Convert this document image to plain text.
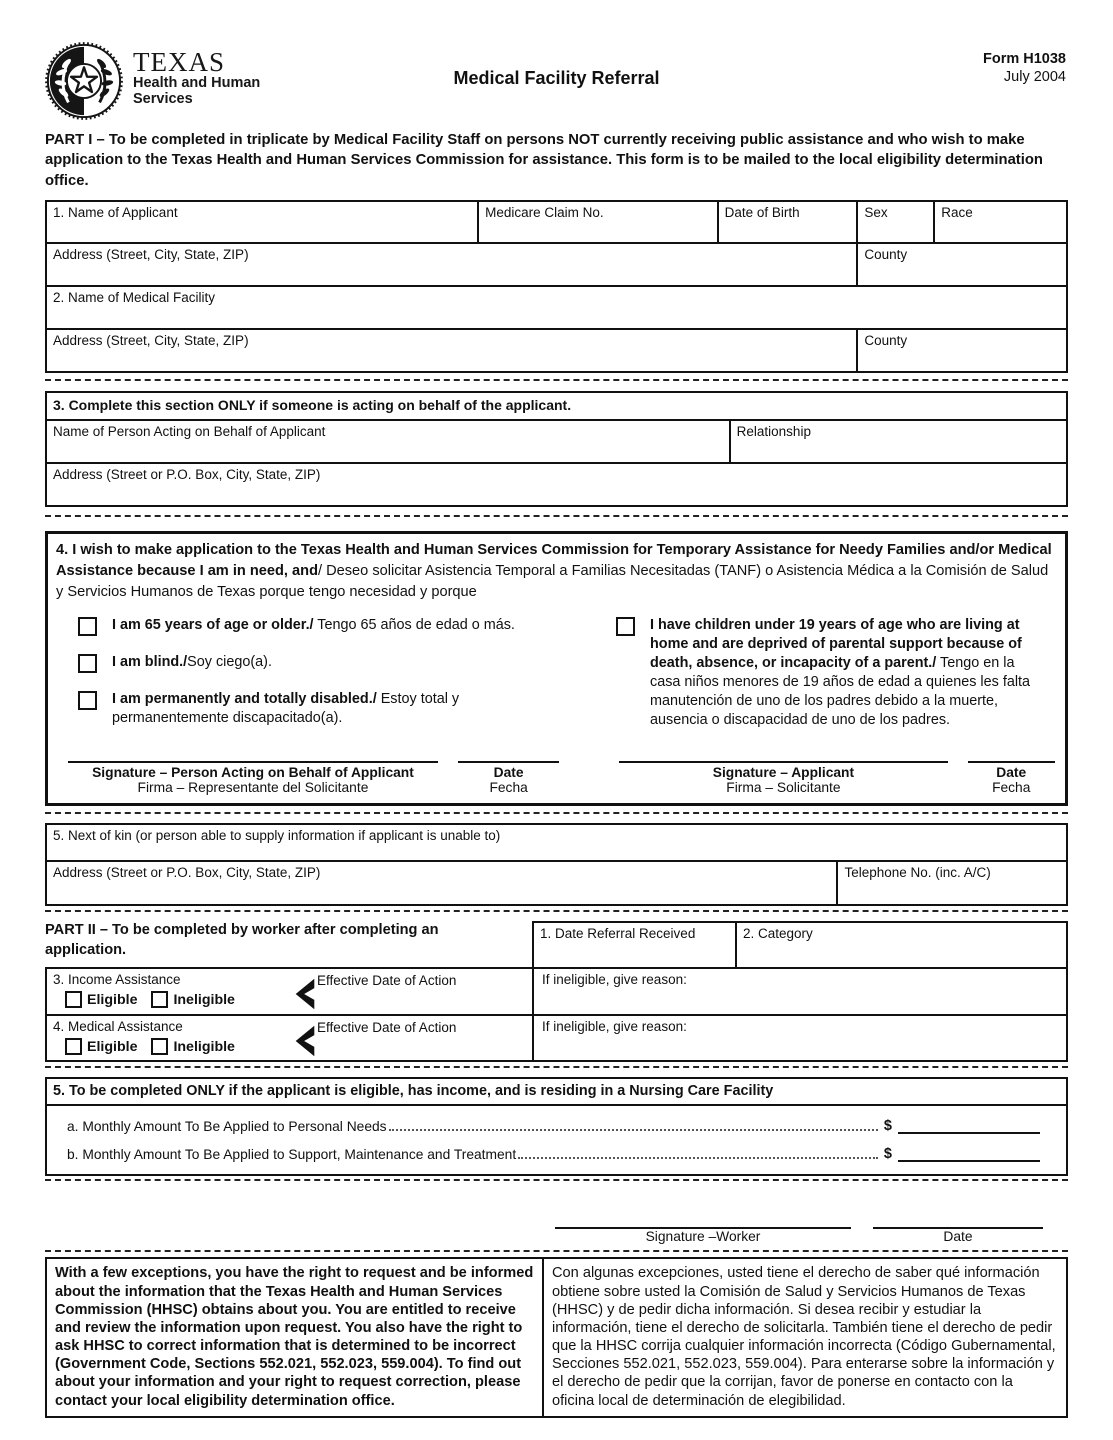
TEXAS
Health and Human
Services
Medical Facility Referral
Form H1038
July 2004
PART I – To be completed in triplicate by Medical Facility Staff on persons NOT currently receiving public assistance and who wish to make application to the Texas Health and Human Services Commission for assistance. This form is to be mailed to the local eligibility determination office.
1. Name of Applicant	Medicare Claim No.	Date of Birth	Sex	Race
Address (Street, City, State, ZIP)	County
2. Name of Medical Facility
Address (Street, City, State, ZIP)	County
3. Complete this section ONLY if someone is acting on behalf of the applicant.
Name of Person Acting on Behalf of Applicant	Relationship
Address (Street or P.O. Box, City, State, ZIP)
4. I wish to make application to the Texas Health and Human Services Commission for Temporary Assistance for Needy Families and/or Medical Assistance because I am in need, and/ Deseo solicitar Asistencia Temporal a Familias Necesitadas (TANF) o Asistencia Médica a la Comisión de Salud y Servicios Humanos de Texas porque tengo necesidad y porque
I am 65 years of age or older./ Tengo 65 años de edad o más.
I am blind./Soy ciego(a).
I am permanently and totally disabled./ Estoy total y permanentemente discapacitado(a).
I have children under 19 years of age who are living at home and are deprived of parental support because of death, absence, or incapacity of a parent./ Tengo en la casa niños menores de 19 años de edad a quienes les falta manutención de uno de los padres debido a la muerte, ausencia o discapacidad de uno de los padres.
Signature – Person Acting on Behalf of Applicant
Firma – Representante del Solicitante
Date
Fecha
Signature – Applicant
Firma – Solicitante
Date
Fecha
5. Next of kin (or person able to supply information if applicant is unable to)
Address (Street or P.O. Box, City, State, ZIP)	Telephone No. (inc. A/C)
PART II – To be completed by worker after completing an application.
1. Date Referral Received	2. Category
3. Income Assistance
Eligible	Ineligible
Effective Date of Action	If ineligible, give reason:
4. Medical Assistance
Eligible	Ineligible
Effective Date of Action	If ineligible, give reason:
5. To be completed ONLY if the applicant is eligible, has income, and is residing in a Nursing Care Facility
a. Monthly Amount To Be Applied to Personal Needs	$
b. Monthly Amount To Be Applied to Support, Maintenance and Treatment	$
Signature –Worker	Date
With a few exceptions, you have the right to request and be informed about the information that the Texas Health and Human Services Commission (HHSC) obtains about you. You are entitled to receive and review the information upon request. You also have the right to ask HHSC to correct information that is determined to be incorrect (Government Code, Sections 552.021, 552.023, 559.004). To find out about your information and your right to request correction, please contact your local eligibility determination office.
Con algunas excepciones, usted tiene el derecho de saber qué información obtiene sobre usted la Comisión de Salud y Servicios Humanos de Texas (HHSC) y de pedir dicha información. Si desea recibir y estudiar la información, tiene el derecho de solicitarla. También tiene el derecho de pedir que la HHSC corrija cualquier información incorrecta (Código Gubernamental, Secciones 552.021, 552.023, 559.004). Para enterarse sobre la información y el derecho de pedir que la corrijan, favor de ponerse en contacto con la oficina local de determinación de elegibilidad.
